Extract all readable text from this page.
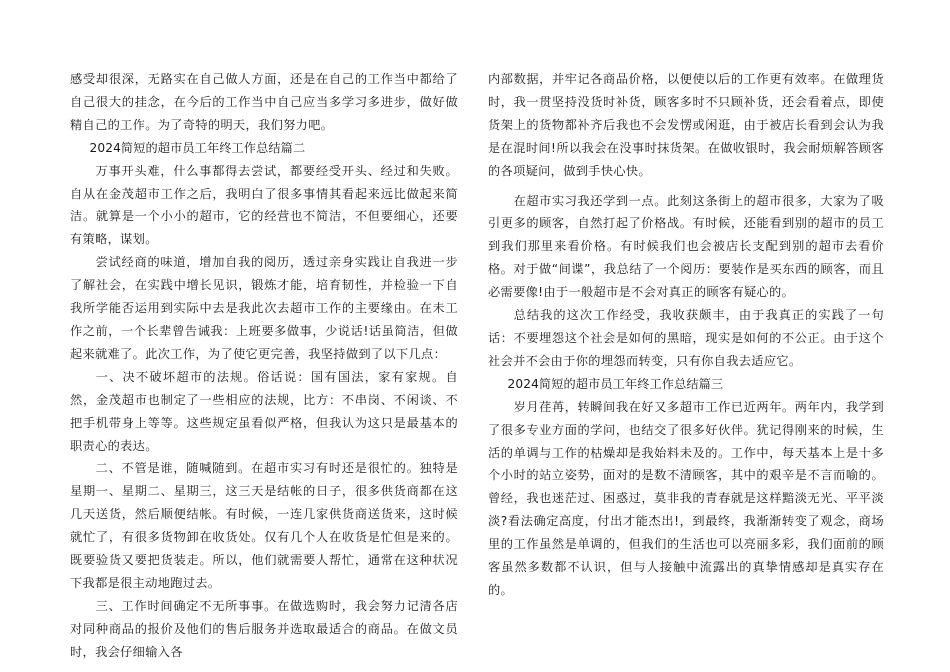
感受却很深，无路实在自己做人方面，还是在自己的工作当中都给了自己很大的挂念，在今后的工作当中自己应当多学习多进步，做好做精自己的工作。为了奇特的明天，我们努力吧。

2024简短的超市员工年终工作总结篇二

万事开头难，什么事都得去尝试，都要经受开头、经过和失败。自从在金茂超市工作之后，我明白了很多事情其看起来远比做起来简洁。就算是一个小小的超市，它的经营也不简洁，不但要细心，还要有策略，谋划。

尝试经商的味道，增加自我的阅历，透过亲身实践让自我进一步了解社会，在实践中增长见识，锻炼才能，培育韧性，并检验一下自我所学能否运用到实际中去是我此次去超市工作的主要缘由。在未工作之前，一个长辈曾告诫我：上班要多做事，少说话!话虽简洁，但做起来就难了。此次工作，为了使它更完善，我坚持做到了以下几点：

一、决不破坏超市的法规。俗话说：国有国法，家有家规。自然，金茂超市也制定了一些相应的法规，比方：不串岗、不闲谈、不把手机带身上等等。这些规定虽看似严格，但我认为这只是最基本的职责心的表达。

二、不管是谁，随喊随到。在超市实习有时还是很忙的。独特是星期一、星期二、星期三，这三天是结帐的日子，很多供货商都在这几天送货，然后顺便结帐。有时候，一连几家供货商送货来，这时候就忙了，有很多货物卸在收货处。仅有几个人在收货是忙但是来的。既要验货又要把货装走。所以，他们就需要人帮忙，通常在这种状况下我都是很主动地跑过去。

三、工作时间确定不无所事事。在做选购时，我会努力记清各店对同种商品的报价及他们的售后服务并选取最适合的商品。在做文员时，我会仔细输入各

内部数据，并牢记各商品价格，以便使以后的工作更有效率。在做理货时，我一贯坚持没货时补货，顾客多时不只顾补货，还会看着点，即使货架上的货物都补齐后我也不会发愣或闲逛，由于被店长看到会认为我是在混时间!所以我会在没事时抹货架。在做收银时，我会耐烦解答顾客的各项疑问，做到手快心快。

在超市实习我还学到一点。此刻这条街上的超市很多，大家为了吸引更多的顾客，自然打起了价格战。有时候，还能看到别的超市的员工到我们那里来看价格。有时候我们也会被店长支配到别的超市去看价格。对于做“间谍”，我总结了一个阅历：要装作是买东西的顾客，而且必需要像!由于一般超市是不会对真正的顾客有疑心的。

总结我的这次工作经受，我收获颇丰，由于我真正的实践了一句话：不要埋怨这个社会是如何的黑暗，现实是如何的不公正。由于这个社会并不会由于你的埋怨而转变，只有你自我去适应它。

2024简短的超市员工年终工作总结篇三

岁月荏苒，转瞬间我在好又多超市工作已近两年。两年内，我学到了很多专业方面的学问，也结交了很多好伙伴。犹记得刚来的时候，生活的单调与工作的枯燥却是我始料未及的。工作中，每天基本上是十多个小时的站立姿势，面对的是数不清顾客，其中的艰辛是不言而喻的。曾经，我也迷茫过、困惑过，莫非我的青春就是这样黯淡无光、平平淡淡?看法确定高度，付出才能杰出!，到最终，我渐渐转变了观念，商场里的工作虽然是单调的，但我们的生活也可以亮丽多彩，我们面前的顾客虽然多数都不认识，但与人接触中流露出的真挚情感却是真实存在的。
